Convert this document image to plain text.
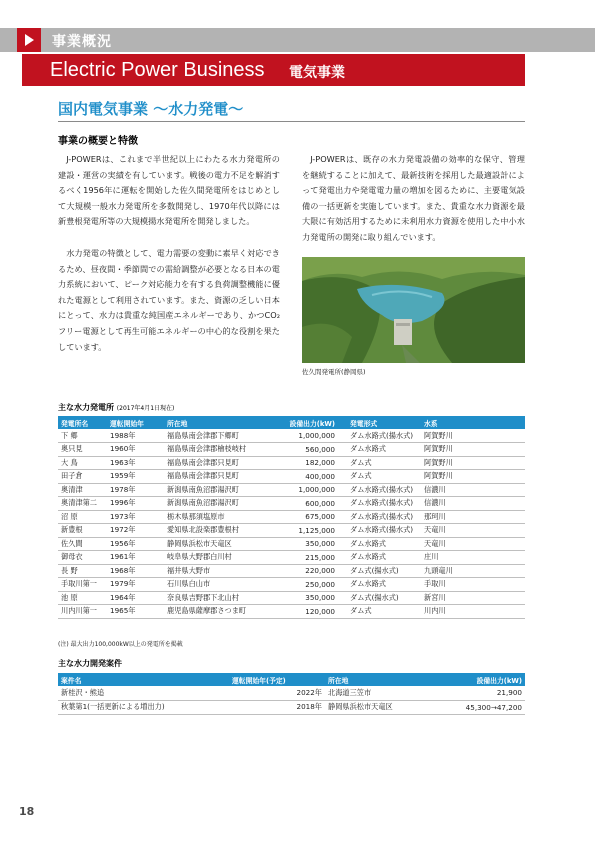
事業概況
Electric Power Business 電気事業
国内電気事業 〜水力発電〜
事業の概要と特徴

J-POWERは、これまで半世紀以上にわたる水力発電所の建設・運営の実績を有しています。戦後の電力不足を解消するべく1956年に運転を開始した佐久間発電所をはじめとして大規模一般水力発電所を多数開発し、1970年代以降には新豊根発電所等の大規模揚水発電所を開発しました。

水力発電の特徴として、電力需要の変動に素早く対応できるため、昼夜間・季節間での需給調整が必要となる日本の電力系統において、ピーク対応能力を有する負荷調整機能に優れた電源として利用されています。また、資源の乏しい日本にとって、水力は貴重な純国産エネルギーであり、かつCO₂フリー電源として再生可能エネルギーの中心的な役割を果たしています。

J-POWERは、既存の水力発電設備の効率的な保守、管理を継続することに加えて、最新技術を採用した最適設計によって発電出力や発電電力量の増加を図るために、主要電気設備の一括更新を実施しています。また、貴重な水力資源を最大限に有効活用するために未利用水力資源を使用した中小水力発電所の開発に取り組んでいます。

佐久間発電所(静岡県)
主な水力発電所 (2017年4月1日現在)
発電所名	運転開始年	所在地	設備出力(kW)	発電形式	水系
下 郷	1988年	福島県南会津郡下郷町	1,000,000	ダム水路式(揚水式)	阿賀野川
奥只見	1960年	福島県南会津郡檜枝岐村	560,000	ダム水路式	阿賀野川
大 鳥	1963年	福島県南会津郡只見町	182,000	ダム式	阿賀野川
田子倉	1959年	福島県南会津郡只見町	400,000	ダム式	阿賀野川
奥清津	1978年	新潟県南魚沼郡湯沢町	1,000,000	ダム水路式(揚水式)	信濃川
奥清津第二	1996年	新潟県南魚沼郡湯沢町	600,000	ダム水路式(揚水式)	信濃川
沼 原	1973年	栃木県那須塩原市	675,000	ダム水路式(揚水式)	那珂川
新豊根	1972年	愛知県北設楽郡豊根村	1,125,000	ダム水路式(揚水式)	天竜川
佐久間	1956年	静岡県浜松市天竜区	350,000	ダム水路式	天竜川
御母衣	1961年	岐阜県大野郡白川村	215,000	ダム水路式	庄川
長 野	1968年	福井県大野市	220,000	ダム式(揚水式)	九頭竜川
手取川第一	1979年	石川県白山市	250,000	ダム水路式	手取川
池 原	1964年	奈良県吉野郡下北山村	350,000	ダム式(揚水式)	新宮川
川内川第一	1965年	鹿児島県薩摩郡さつま町	120,000	ダム式	川内川
(注) 最大出力100,000kW以上の発電所を掲載
主な水力開発案件
案件名	運転開始年(予定)	所在地	設備出力(kW)
新桂沢・熊追	2022年	北海道三笠市	21,900
秋葉第1(一括更新による増出力)	2018年	静岡県浜松市天竜区	45,300→47,200
18
